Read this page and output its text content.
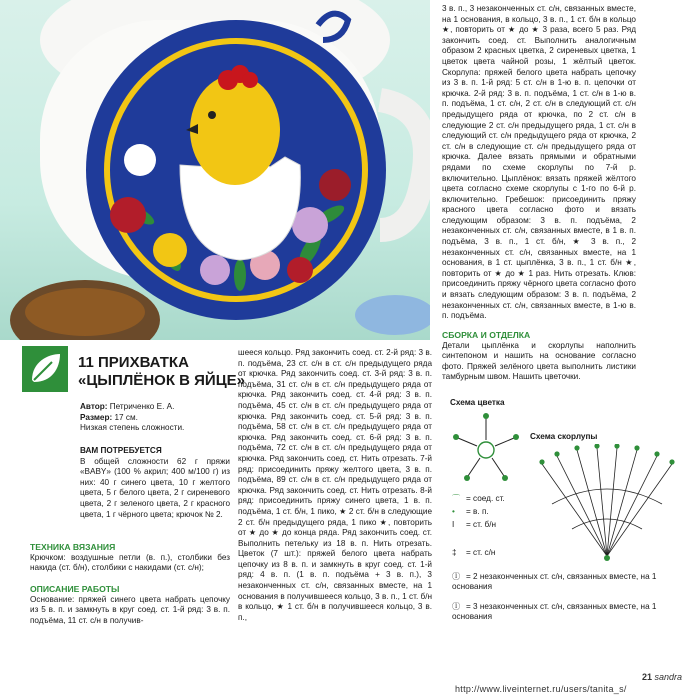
11 ПРИХВАТКА
«ЦЫПЛЁНОК В ЯЙЦЕ»

Автор: Петриченко Е. А.

Размер: 17 см.

Низкая степень сложности.

ВАМ ПОТРЕБУЕТСЯ

В общей сложности 62 г пряжи «BABY» (100 % акрил; 400 м/100 г) из них: 40 г синего цвета, 10 г желтого цвета, 5 г белого цвета, 2 г сиреневого цвета, 2 г зеленого цвета, 2 г красного цвета, 1 г чёрного цвета; крючок № 2.

ТЕХНИКА ВЯЗАНИЯ

Крючком: воздушные петли (в. п.), столбики без накида (ст. б/н), столбики с накидами (ст. с/н);

ОПИСАНИЕ РАБОТЫ

Основание: пряжей синего цвета набрать цепочку из 5 в. п. и замкнуть в круг соед. ст. 1-й ряд: 3 в. п. подъёма, 11 ст. с/н в получив-

шееся кольцо. Ряд закончить соед. ст. 2-й ряд: 3 в. п. подъёма, 23 ст. с/н в ст. с/н предыдущего ряда от крючка. Ряд закончить соед. ст. 3-й ряд: 3 в. п. подъёма, 31 ст. с/н в ст. с/н предыдущего ряда от крючка. Ряд закончить соед. ст. 4-й ряд: 3 в. п. подъёма, 45 ст. с/н в ст. с/н предыдущего ряда от крючка. Ряд закончить соед. ст. 5-й ряд: 3 в. п. подъёма, 58 ст. с/н в ст. с/н предыдущего ряда от крючка. Ряд закончить соед. ст. 6-й ряд: 3 в. п. подъёма, 72 ст. с/н в ст. с/н предыдущего ряда от крючка. Ряд закончить соед. ст. Нить отрезать. 7-й ряд: присоединить пряжу желтого цвета, 3 в. п. подъёма, 89 ст. с/н в ст. с/н предыдущего ряда от крючка. Ряд закончить соед. ст. Нить отрезать. 8-й ряд: присоединить пряжу синего цвета, 1 в. п. подъёма, 1 ст. б/н, 1 пико, ★ 2 ст. б/н в следующие 2 ст. б/н предыдущего ряда, 1 пико ★, повторить от ★ до ★ до конца ряда. Ряд закончить соед. ст. Выполнить петельку из 18 в. п. Нить отрезать. Цветок (7 шт.): пряжей белого цвета набрать цепочку из 8 в. п. и замкнуть в круг соед. ст. 1-й ряд: 4 в. п. (1 в. п. подъёма + 3 в. п.), 3 незаконченных ст. с/н, связанных вместе, на 1 основания в получившееся кольцо, 3 в. п., 1 ст. б/н в кольцо, ★ 1 ст. б/н в получившееся кольцо, 3 в. п.,

3 в. п., 3 незаконченных ст. с/н, связанных вместе, на 1 основания, в кольцо, 3 в. п., 1 ст. б/н в кольцо ★, повторить от ★ до ★ 3 раза, всего 5 раз. Ряд закончить соед. ст. Выполнить аналогичным образом 2 красных цветка, 2 сиреневых цветка, 1 цветок цвета чайной розы, 1 жёлтый цветок. Скорлупа: пряжей белого цвета набрать цепочку из 3 в. п. 1-й ряд: 5 ст. с/н в 1-ю в. п. цепочки от крючка. 2-й ряд: 3 в. п. подъёма, 1 ст. с/н в 1-ю в. п. подъёма, 1 ст. с/н, 2 ст. с/н в следующий ст. с/н предыдущего ряда от крючка, по 2 ст. с/н в следующие 2 ст. с/н предыдущего ряда, 1 ст. с/н в следующий ст. с/н предыдущего ряда от крючка, 2 ст. с/н в следующие ст. с/н предыдущего ряда от крючка. Далее вязать прямыми и обратными рядами по схеме скорлупы по 7-й р. включительно. Цыплёнок: вязать пряжей жёлтого цвета согласно схеме скорлупы с 1-го по 6-й р. включительно. Гребешок: присоединить пряжу красного цвета согласно фото и вязать следующим образом: 3 в. п. подъёма, 2 незаконченных ст. с/н, связанных вместе, в 1 в. п. подъёма, 3 в. п., 1 ст. б/н, ★ 3 в. п., 2 незаконченных ст. с/н, связанных вместе, на 1 основания, в 1 ст. цыплёнка, 3 в. п., 1 ст. б/н ★, повторить от ★ до ★ 1 раз. Нить отрезать. Клюв: присоединить пряжу чёрного цвета согласно фото и вязать следующим образом: 3 в. п. подъёма, 2 незаконченных ст. с/н, связанных вместе, в 1-ю в. п. подъёма.

СБОРКА И ОТДЕЛКА

Детали цыплёнка и скорлупы наполнить синтепоном и нашить на основание согласно фото. Пряжей зелёного цвета выполнить листики тамбурным швом. Нашить цветочки.

Схема цветка
Схема скорлупы
⌒ = соед. ст.
• = в. п.
I = ст. б/н
‡ = ст. с/н
Ⓘ = 2 незаконченных ст. с/н, связанных вместе, на 1 основания
Ⓘ = 3 незаконченных ст. с/н, связанных вместе, на 1 основания
21 sandra
http://www.liveinternet.ru/users/tanita_s/
